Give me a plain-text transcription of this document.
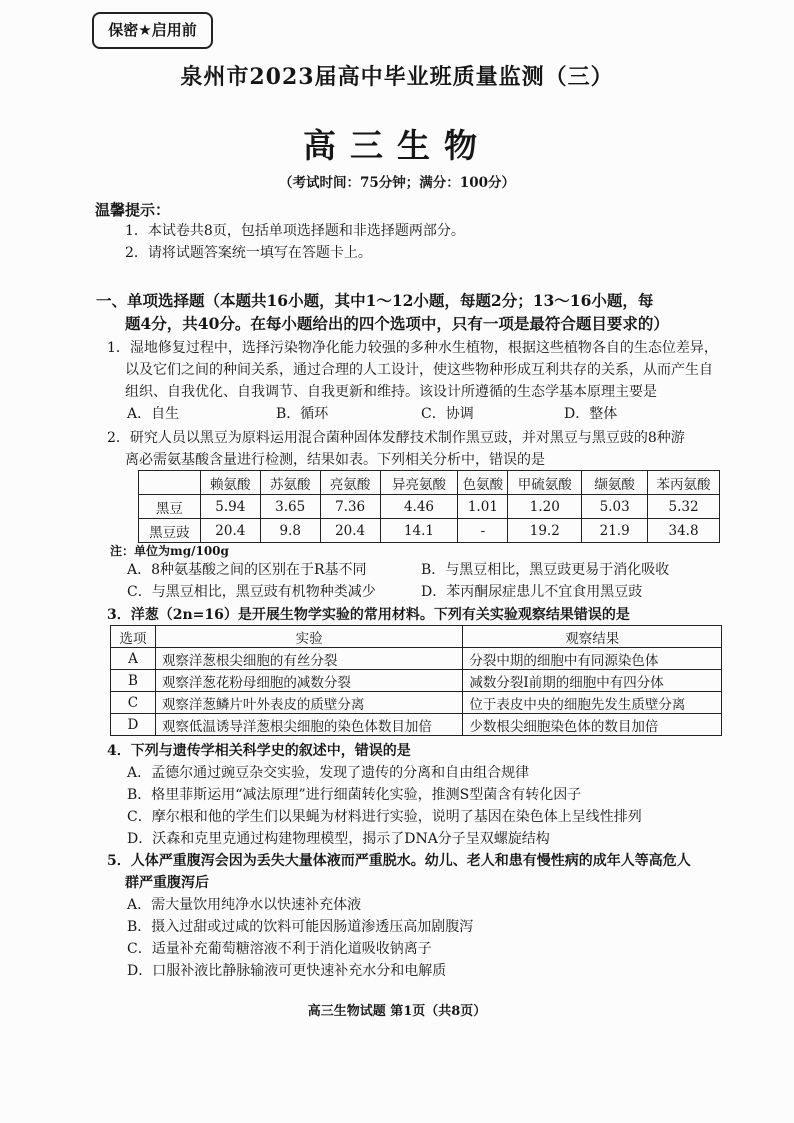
保密★启用前
泉州市2023届高中毕业班质量监测（三）
高三生物
（考试时间：75分钟；满分：100分）
温馨提示：
1．本试卷共8页，包括单项选择题和非选择题两部分。
2．请将试题答案统一填写在答题卡上。
一、单项选择题（本题共16小题，其中1～12小题，每题2分；13～16小题，每
题4分，共40分。在每小题给出的四个选项中，只有一项是最符合题目要求的）
1．湿地修复过程中，选择污染物净化能力较强的多种水生植物，根据这些植物各自的生态位差异，
以及它们之间的种间关系，通过合理的人工设计，使这些物种形成互利共存的关系，从而产生自
组织、自我优化、自我调节、自我更新和维持。该设计所遵循的生态学基本原理主要是
A．自生	B．循环	C．协调	D．整体
2．研究人员以黑豆为原料运用混合菌种固体发酵技术制作黑豆豉，并对黑豆与黑豆豉的8种游
离必需氨基酸含量进行检测，结果如表。下列相关分析中，错误的是
	赖氨酸	苏氨酸	亮氨酸	异亮氨酸	色氨酸	甲硫氨酸	缬氨酸	苯丙氨酸
黑豆	5.94	3.65	7.36	4.46	1.01	1.20	5.03	5.32
黑豆豉	20.4	9.8	20.4	14.1	-	19.2	21.9	34.8
注：单位为mg/100g
A．8种氨基酸之间的区别在于R基不同	B．与黑豆相比，黑豆豉更易于消化吸收
C．与黑豆相比，黑豆豉有机物种类减少	D．苯丙酮尿症患儿不宜食用黑豆豉
3．洋葱（2n=16）是开展生物学实验的常用材料。下列有关实验观察结果错误的是
选项	实验	观察结果
A	观察洋葱根尖细胞的有丝分裂	分裂中期的细胞中有同源染色体
B	观察洋葱花粉母细胞的减数分裂	减数分裂Ⅰ前期的细胞中有四分体
C	观察洋葱鳞片叶外表皮的质壁分离	位于表皮中央的细胞先发生质壁分离
D	观察低温诱导洋葱根尖细胞的染色体数目加倍	少数根尖细胞染色体的数目加倍
4．下列与遗传学相关科学史的叙述中，错误的是
A．孟德尔通过豌豆杂交实验，发现了遗传的分离和自由组合规律
B．格里菲斯运用“减法原理”进行细菌转化实验，推测S型菌含有转化因子
C．摩尔根和他的学生们以果蝇为材料进行实验，说明了基因在染色体上呈线性排列
D．沃森和克里克通过构建物理模型，揭示了DNA分子呈双螺旋结构
5．人体严重腹泻会因为丢失大量体液而严重脱水。幼儿、老人和患有慢性病的成年人等高危人
群严重腹泻后
A．需大量饮用纯净水以快速补充体液
B．摄入过甜或过咸的饮料可能因肠道渗透压高加剧腹泻
C．适量补充葡萄糖溶液不利于消化道吸收钠离子
D．口服补液比静脉输液可更快速补充水分和电解质
高三生物试题 第1页（共8页）
